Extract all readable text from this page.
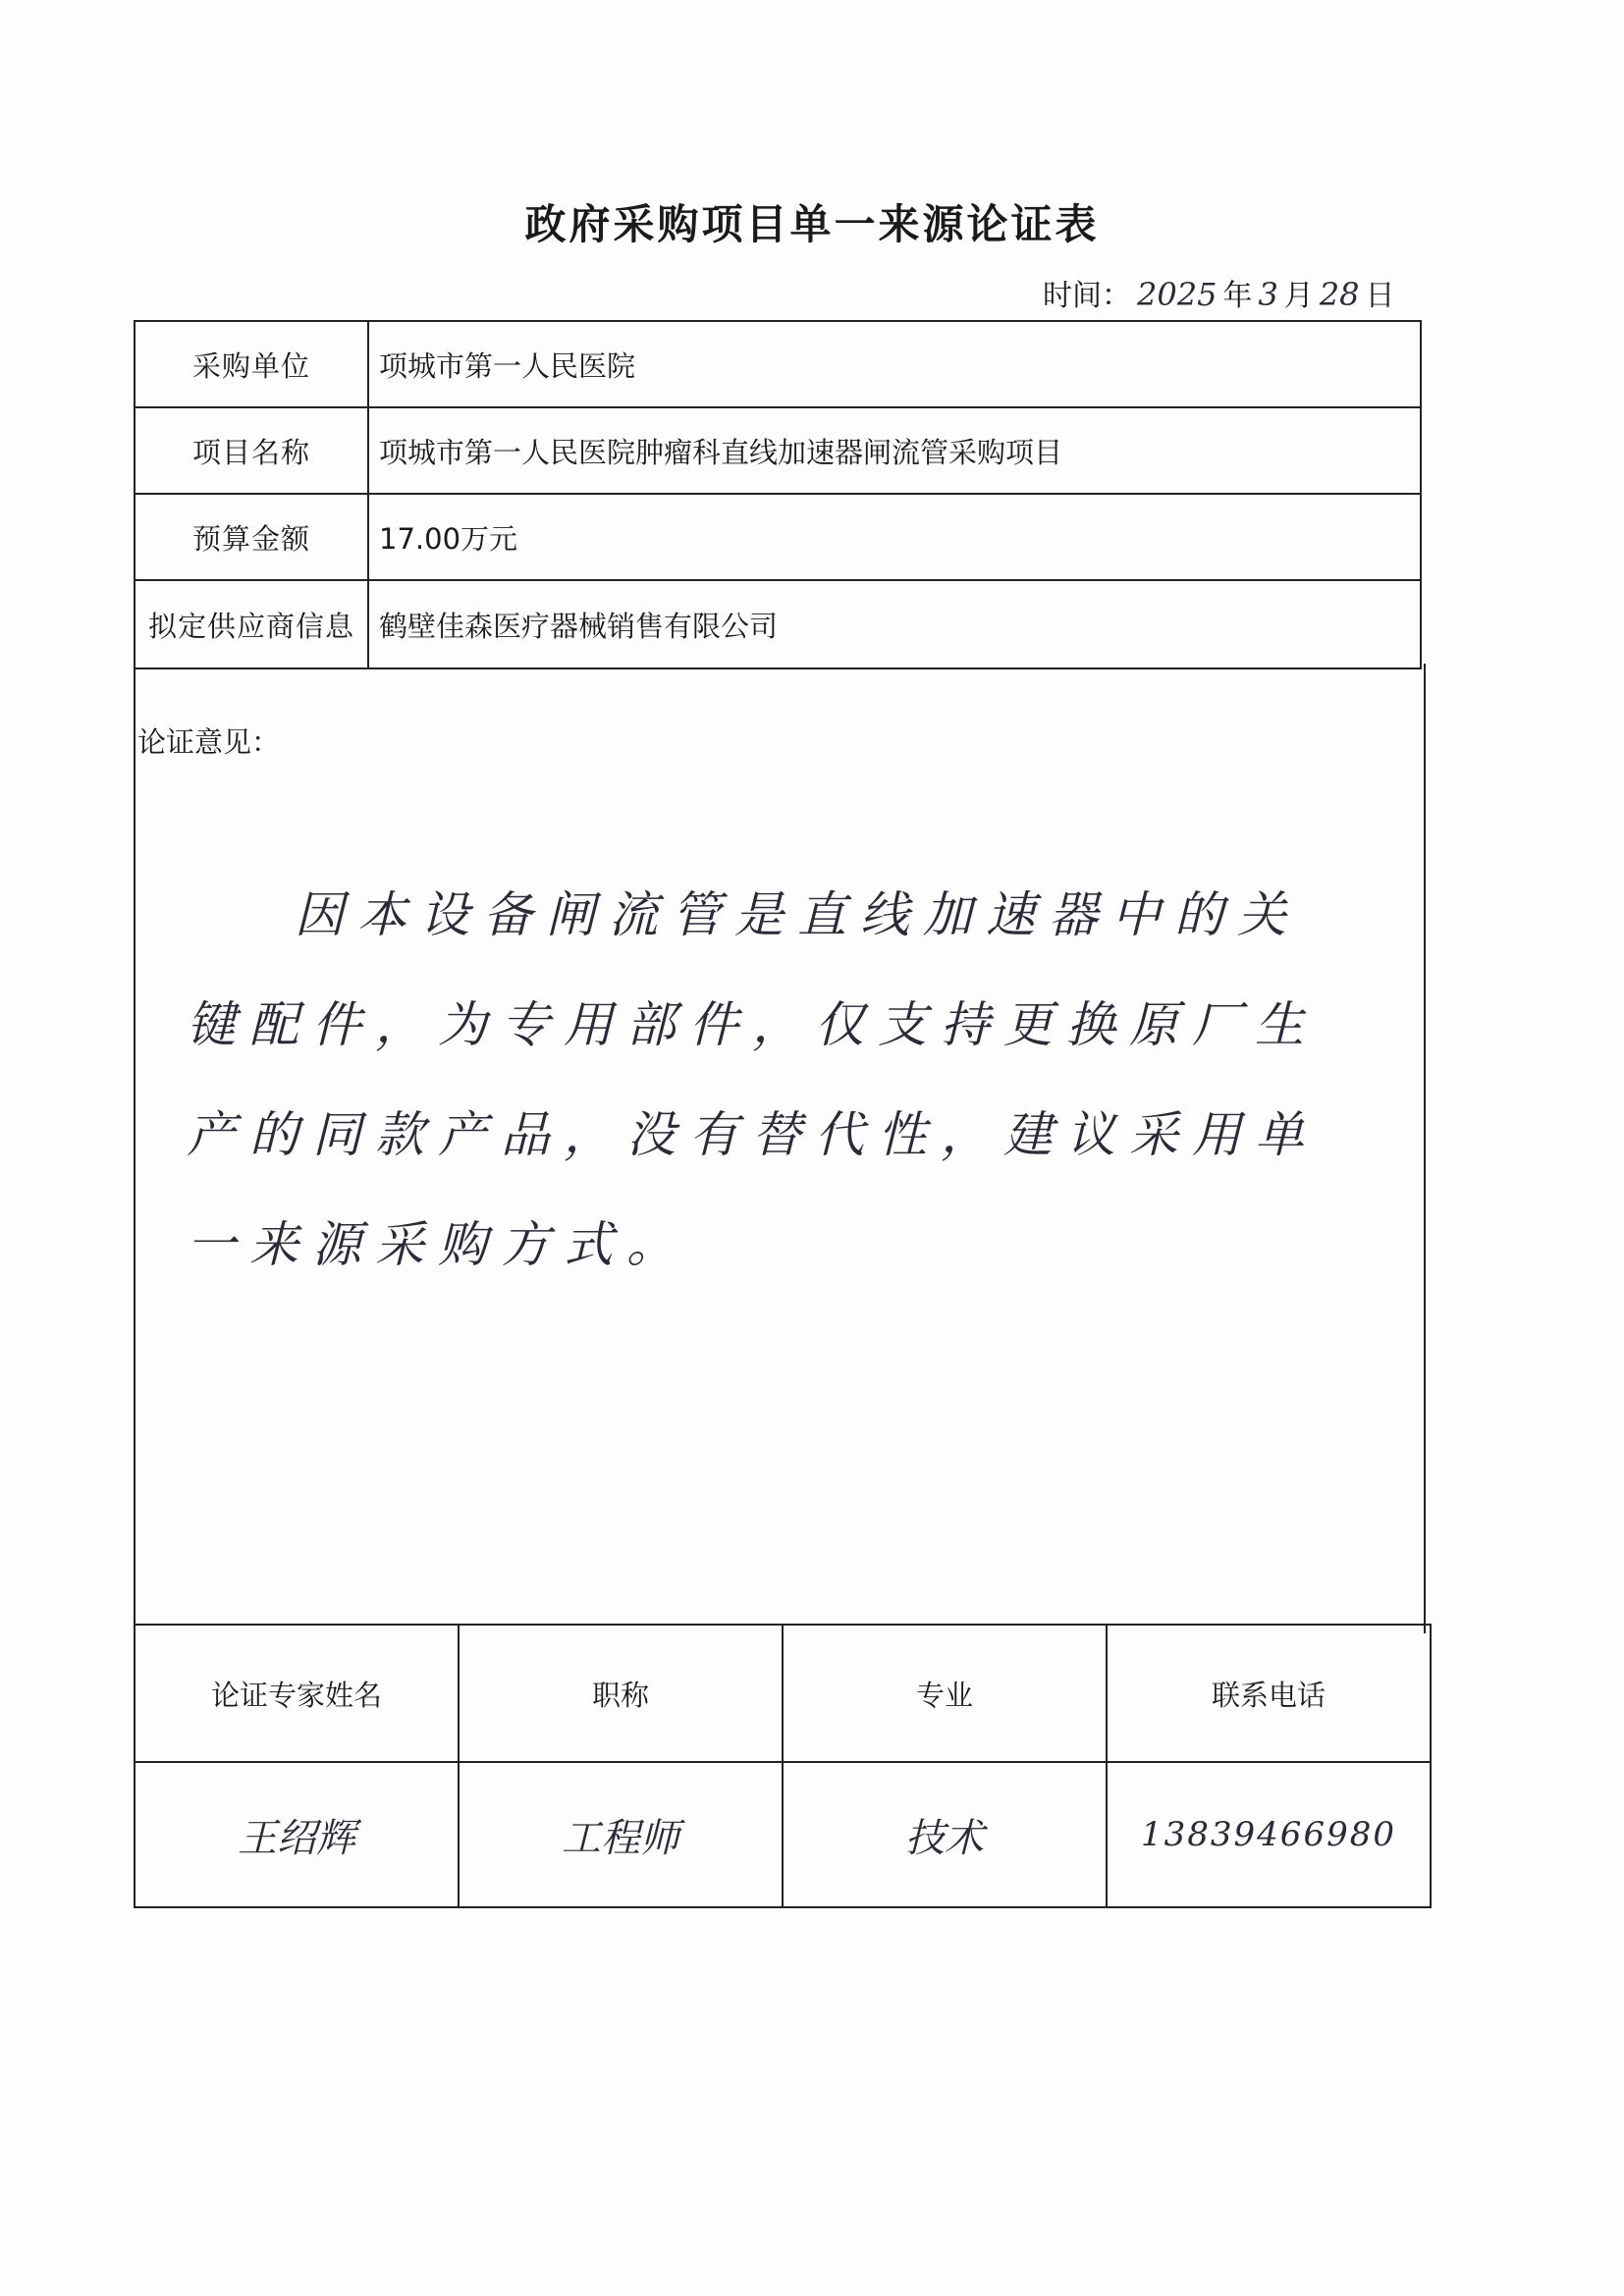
政府采购项目单一来源论证表
时间： 2025 年 3 月 28 日
采购单位	项城市第一人民医院
项目名称	项城市第一人民医院肿瘤科直线加速器闸流管采购项目
预算金额	17.00万元
拟定供应商信息	鹤壁佳森医疗器械销售有限公司
论证意见：
因本设备闸流管是直线加速器中的关键配件，为专用部件，仅支持更换原厂生产的同款产品，没有替代性，建议采用单一来源采购方式。
论证专家姓名	职称	专业	联系电话
王绍辉	工程师	技术	13839466980
